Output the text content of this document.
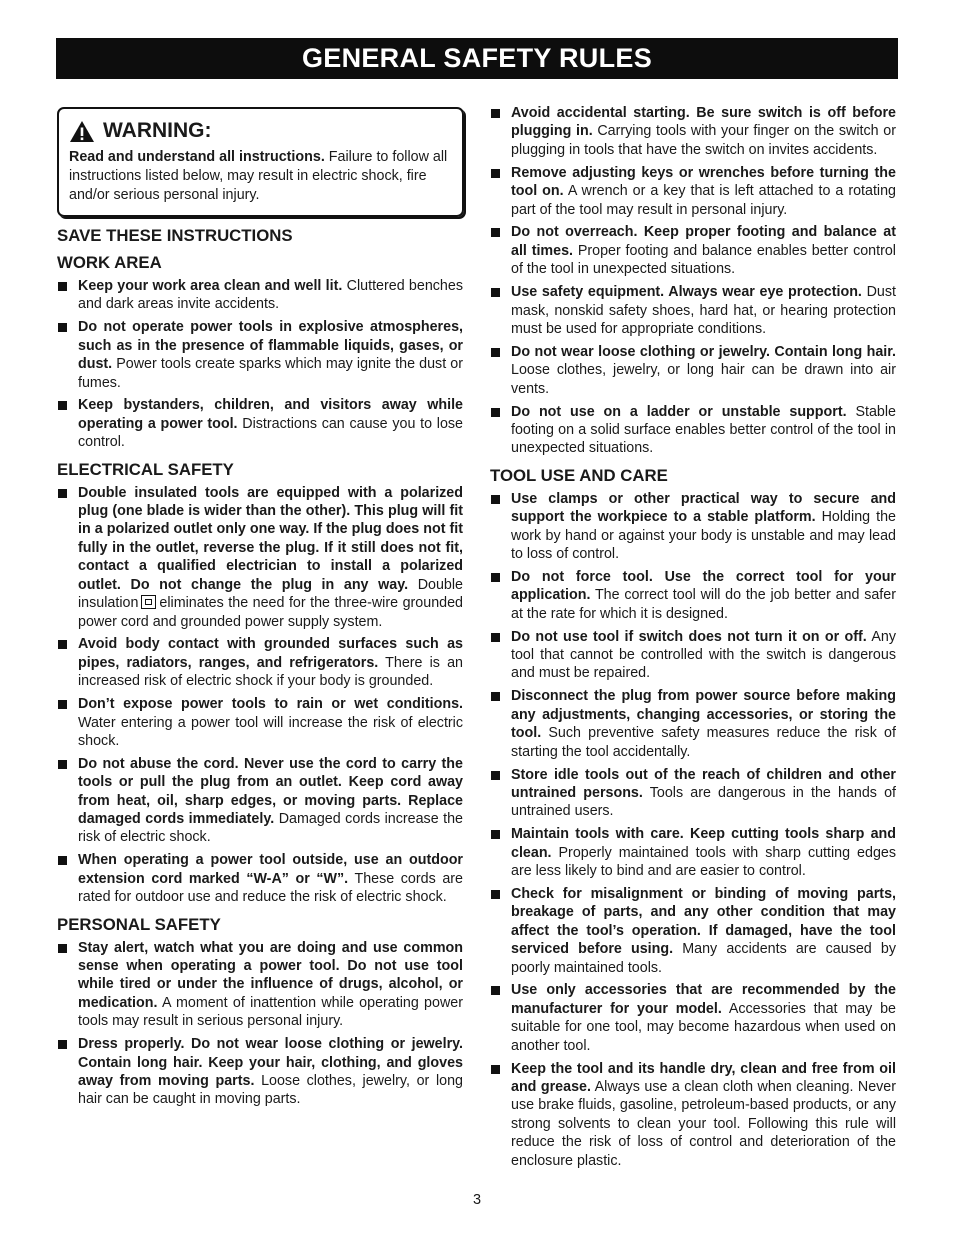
GENERAL SAFETY RULES
WARNING:
Read and understand all instructions. Failure to follow all instructions listed below, may result in electric shock, fire and/or serious personal injury.
SAVE THESE INSTRUCTIONS
WORK AREA
Keep your work area clean and well lit. Cluttered benches and dark areas invite accidents.
Do not operate power tools in explosive atmospheres, such as in the presence of flammable liquids, gases, or dust. Power tools create sparks which may ignite the dust or fumes.
Keep bystanders, children, and visitors away while operating a power tool. Distractions can cause you to lose control.
ELECTRICAL SAFETY
Double insulated tools are equipped with a polarized plug (one blade is wider than the other). This plug will fit in a polarized outlet only one way. If the plug does not fit fully in the outlet, reverse the plug. If it still does not fit, contact a qualified electrician to install a polarized outlet. Do not change the plug in any way. Double insulation eliminates the need for the three-wire grounded power cord and grounded power supply system.
Avoid body contact with grounded surfaces such as pipes, radiators, ranges, and refrigerators. There is an increased risk of electric shock if your body is grounded.
Don’t expose power tools to rain or wet conditions. Water entering a power tool will increase the risk of electric shock.
Do not abuse the cord. Never use the cord to carry the tools or pull the plug from an outlet. Keep cord away from heat, oil, sharp edges, or moving parts. Replace damaged cords immediately. Damaged cords increase the risk of electric shock.
When operating a power tool outside, use an outdoor extension cord marked “W-A” or “W”. These cords are rated for outdoor use and reduce the risk of electric shock.
PERSONAL SAFETY
Stay alert, watch what you are doing and use common sense when operating a power tool. Do not use tool while tired or under the influence of drugs, alcohol, or medication. A moment of inattention while operating power tools may result in serious personal injury.
Dress properly. Do not wear loose clothing or jewelry. Contain long hair. Keep your hair, clothing, and gloves away from moving parts. Loose clothes, jewelry, or long hair can be caught in moving parts.
Avoid accidental starting. Be sure switch is off before plugging in. Carrying tools with your finger on the switch or plugging in tools that have the switch on invites accidents.
Remove adjusting keys or wrenches before turning the tool on. A wrench or a key that is left attached to a rotating part of the tool may result in personal injury.
Do not overreach. Keep proper footing and balance at all times. Proper footing and balance enables better control of the tool in unexpected situations.
Use safety equipment. Always wear eye protection. Dust mask, nonskid safety shoes, hard hat, or hearing protection must be used for appropriate conditions.
Do not wear loose clothing or jewelry. Contain long hair. Loose clothes, jewelry, or long hair can be drawn into air vents.
Do not use on a ladder or unstable support. Stable footing on a solid surface enables better control of the tool in unexpected situations.
TOOL USE AND CARE
Use clamps or other practical way to secure and support the workpiece to a stable platform. Holding the work by hand or against your body is unstable and may lead to loss of control.
Do not force tool. Use the correct tool for your application. The correct tool will do the job better and safer at the rate for which it is designed.
Do not use tool if switch does not turn it on or off. Any tool that cannot be controlled with the switch is dangerous and must be repaired.
Disconnect the plug from power source before making any adjustments, changing accessories, or storing the tool. Such preventive safety measures reduce the risk of starting the tool accidentally.
Store idle tools out of the reach of children and other untrained persons. Tools are dangerous in the hands of untrained users.
Maintain tools with care. Keep cutting tools sharp and clean. Properly maintained tools with sharp cutting edges are less likely to bind and are easier to control.
Check for misalignment or binding of moving parts, breakage of parts, and any other condition that may affect the tool’s operation. If damaged, have the tool serviced before using. Many accidents are caused by poorly maintained tools.
Use only accessories that are recommended by the manufacturer for your model. Accessories that may be suitable for one tool, may become hazardous when used on another tool.
Keep the tool and its handle dry, clean and free from oil and grease. Always use a clean cloth when cleaning. Never use brake fluids, gasoline, petroleum-based products, or any strong solvents to clean your tool. Following this rule will reduce the risk of loss of control and deterioration of the enclosure plastic.
3
